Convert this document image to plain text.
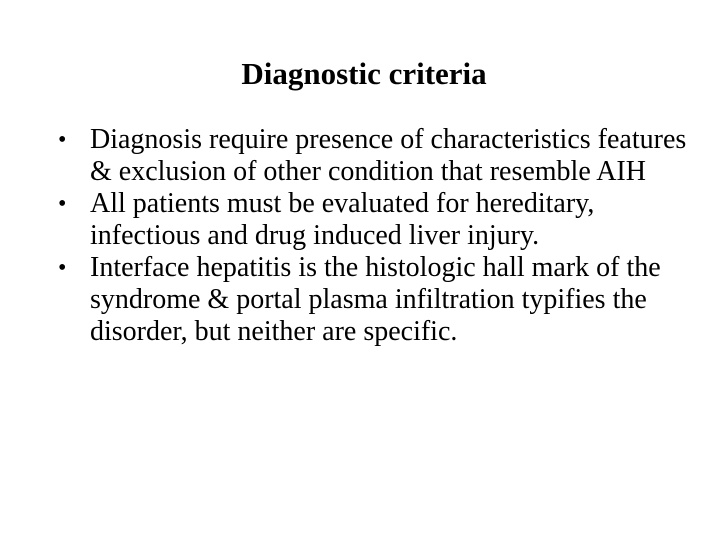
Diagnostic criteria
• Diagnosis require presence of characteristics features & exclusion of other condition that resemble AIH
• All patients must be evaluated for hereditary, infectious and drug induced liver injury.
• Interface hepatitis is the histologic hall mark of the syndrome & portal plasma infiltration typifies the disorder, but neither are specific.
